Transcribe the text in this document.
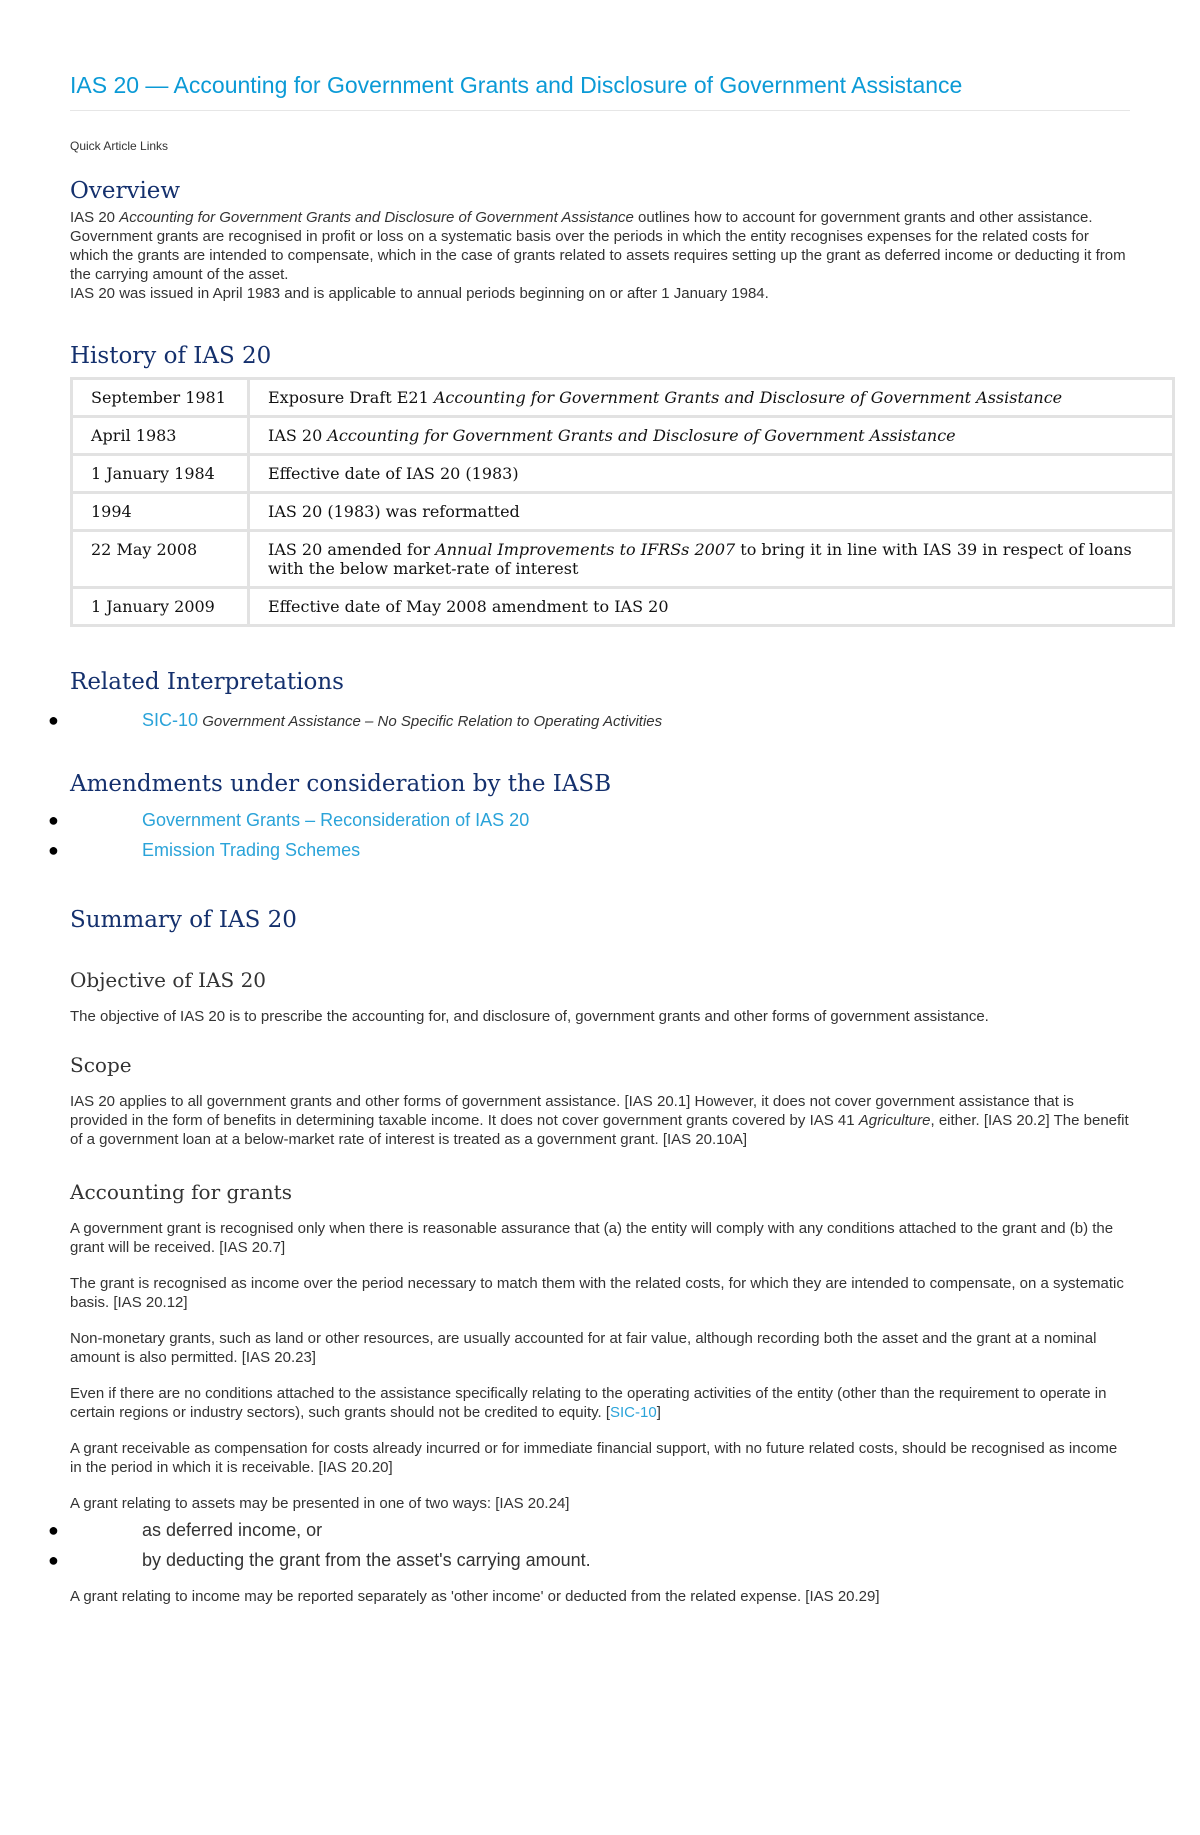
IAS 20 — Accounting for Government Grants and Disclosure of Government Assistance

Quick Article Links

Overview

IAS 20 Accounting for Government Grants and Disclosure of Government Assistance outlines how to account for government grants and other assistance. Government grants are recognised in profit or loss on a systematic basis over the periods in which the entity recognises expenses for the related costs for which the grants are intended to compensate, which in the case of grants related to assets requires setting up the grant as deferred income or deducting it from the carrying amount of the asset.

IAS 20 was issued in April 1983 and is applicable to annual periods beginning on or after 1 January 1984.

History of IAS 20
September 1981	Exposure Draft E21 Accounting for Government Grants and Disclosure of Government Assistance
April 1983	IAS 20 Accounting for Government Grants and Disclosure of Government Assistance
1 January 1984	Effective date of IAS 20 (1983)
1994	IAS 20 (1983) was reformatted
22 May 2008	IAS 20 amended for Annual Improvements to IFRSs 2007 to bring it in line with IAS 39 in respect of loans with the below market-rate of interest
1 January 2009	Effective date of May 2008 amendment to IAS 20
Related Interpretations
●	SIC-10 Government Assistance – No Specific Relation to Operating Activities
Amendments under consideration by the IASB
●	Government Grants – Reconsideration of IAS 20
●	Emission Trading Schemes
Summary of IAS 20
Objective of IAS 20

The objective of IAS 20 is to prescribe the accounting for, and disclosure of, government grants and other forms of government assistance.

Scope

IAS 20 applies to all government grants and other forms of government assistance. [IAS 20.1] However, it does not cover government assistance that is provided in the form of benefits in determining taxable income. It does not cover government grants covered by IAS 41 Agriculture, either. [IAS 20.2] The benefit of a government loan at a below-market rate of interest is treated as a government grant. [IAS 20.10A]

Accounting for grants

A government grant is recognised only when there is reasonable assurance that (a) the entity will comply with any conditions attached to the grant and (b) the grant will be received. [IAS 20.7]

The grant is recognised as income over the period necessary to match them with the related costs, for which they are intended to compensate, on a systematic basis. [IAS 20.12]

Non-monetary grants, such as land or other resources, are usually accounted for at fair value, although recording both the asset and the grant at a nominal amount is also permitted. [IAS 20.23]

Even if there are no conditions attached to the assistance specifically relating to the operating activities of the entity (other than the requirement to operate in certain regions or industry sectors), such grants should not be credited to equity. [SIC-10]

A grant receivable as compensation for costs already incurred or for immediate financial support, with no future related costs, should be recognised as income in the period in which it is receivable. [IAS 20.20]

A grant relating to assets may be presented in one of two ways: [IAS 20.24]

●	as deferred income, or
●	by deducting the grant from the asset's carrying amount.

A grant relating to income may be reported separately as 'other income' or deducted from the related expense. [IAS 20.29]
